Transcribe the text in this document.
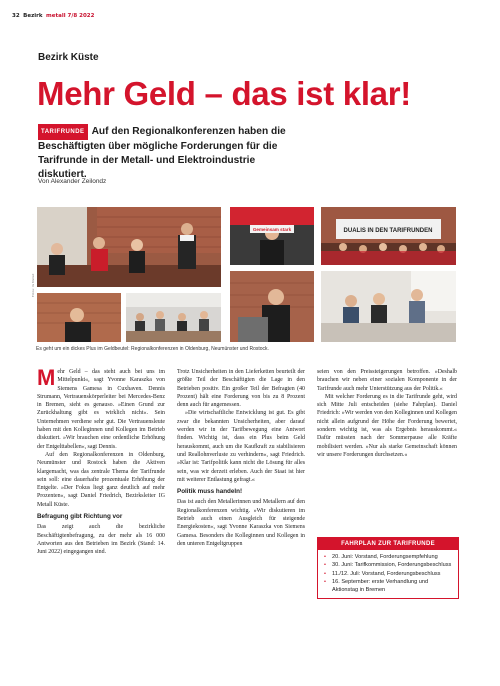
32 Bezirk metall 7/8 2022
Bezirk Küste
Mehr Geld – das ist klar!
TARIFRUNDE Auf den Regionalkonferenzen haben die Beschäftigten über mögliche Forderungen für die Tarifrunde in der Metall- und Elektroindustrie diskutiert.
Von Alexander Zeilondz
Gemeinsam stark	DUALIS IN DEN TARIFRUNDEN
Fotos: IG Metall
Es geht um ein dickes Plus im Geldbeutel: Regionalkonferenzen in Oldenburg, Neumünster und Rostock.

Mehr Geld – das steht auch bei uns im Mittelpunkt«, sagt Yvonne Karaszka von Siemens Gamesa in Cuxhaven. Dennis Strumann, Vertrauenskörperleiter bei Mercedes-Benz in Bremen, sieht es genauso. »Einen Grund zur Zurückhaltung gibt es wirklich nicht«. Sein Unternehmen verdiene sehr gut. Die Vertrauensleute haben mit den Kolleginnen und Kollegen im Betrieb diskutiert. »Wir brauchen eine ordentliche Erhöhung der Entgelttabellen«, sagt Dennis.

Auf den Regionalkonferenzen in Oldenburg, Neumünster und Rostock haben die Aktiven klargemacht, was das zentrale Thema der Tarifrunde sein soll: eine dauerhafte prozentuale Erhöhung der Entgelte. »Der Fokus liegt ganz deutlich auf mehr Prozenten«, sagt Daniel Friedrich, Bezirksleiter IG Metall Küste.

Befragung gibt Richtung vor

Das zeigt auch die bezirkliche Beschäftigtenbefragung, zu der mehr als 16 000 Antworten aus den Betrieben im Bezirk (Stand: 14. Juni 2022) eingegangen sind.

Trotz Unsicherheiten in den Lieferketten beurteilt der größte Teil der Beschäftigten die Lage in den Betrieben positiv. Ein großer Teil der Befragten (40 Prozent) hält eine Forderung von bis zu 8 Prozent denn auch für angemessen.

»Die wirtschaftliche Entwicklung ist gut. Es gibt zwar die bekannten Unsicherheiten, aber darauf werden wir in der Tarifbewegung eine Antwort finden. Wichtig ist, dass ein Plus beim Geld herauskommt, auch um die Kaufkraft zu stabilisieren und Reallohnverluste zu verhindern«, sagt Friedrich. »Klar ist: Tarifpolitik kann nicht die Lösung für alles sein, was wir derzeit erleben. Auch der Staat ist hier mit weiterer Entlastung gefragt.«

Politik muss handeln!

Das ist auch den Metallerinnen und Metallern auf den Regionalkonferenzen wichtig. »Wir diskutieren im Betrieb auch einen Ausgleich für steigende Energiekosten«, sagt Yvonne Karaszka von Siemens Gamesa. Besonders die Kolleginnen und Kollegen in den unteren Entgeltgruppen

seien von den Preissteigerungen betroffen. »Deshalb brauchen wir neben einer sozialen Komponente in der Tarifrunde auch mehr Unterstützung aus der Politik.«

Mit welcher Forderung es in die Tarifrunde geht, wird sich Mitte Juli entscheiden (siehe Fahrplan). Daniel Friedrich: »Wir werden von den Kolleginnen und Kollegen nicht allein aufgrund der Höhe der Forderung bewertet, sondern wichtig ist, was als Ergebnis herauskommt.« Dafür müssten nach der Sommerpause alle Kräfte mobilisiert werden. »Nur als starke Gemeinschaft können wir unsere Forderungen durchsetzen.«

FAHRPLAN ZUR TARIFRUNDE
• 20. Juni: Vorstand, Forderungsempfehlung
• 30. Juni: Tarifkommission, Forderungsbeschluss
• 11./12. Juli: Vorstand, Forderungsbeschluss
• 16. September: erste Verhandlung und Aktionstag in Bremen
